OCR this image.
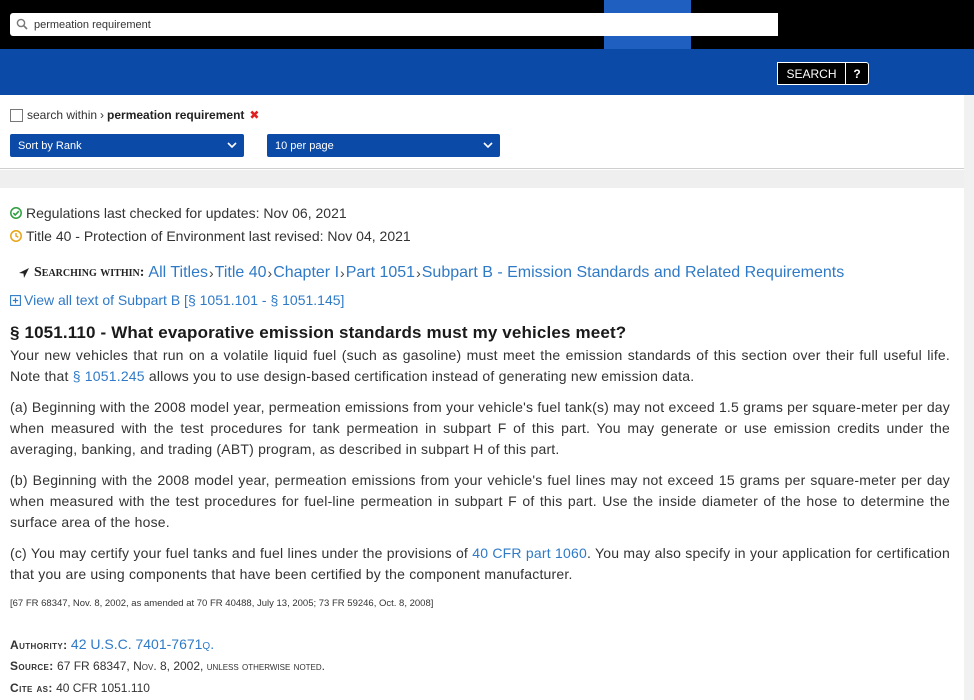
permeation requirement
SEARCH	?
search within › permeation requirement ✖
Sort by Rank	10 per page
Regulations last checked for updates: Nov 06, 2021
Title 40 - Protection of Environment last revised: Nov 04, 2021
Searching within: All Titles › Title 40 › Chapter I › Part 1051 › Subpart B - Emission Standards and Related Requirements
View all text of Subpart B [§ 1051.101 - § 1051.145]
§ 1051.110 - What evaporative emission standards must my vehicles meet?

Your new vehicles that run on a volatile liquid fuel (such as gasoline) must meet the emission standards of this section over their full useful life. Note that § 1051.245 allows you to use design-based certification instead of generating new emission data.

(a) Beginning with the 2008 model year, permeation emissions from your vehicle's fuel tank(s) may not exceed 1.5 grams per square-meter per day when measured with the test procedures for tank permeation in subpart F of this part. You may generate or use emission credits under the averaging, banking, and trading (ABT) program, as described in subpart H of this part.

(b) Beginning with the 2008 model year, permeation emissions from your vehicle's fuel lines may not exceed 15 grams per square-meter per day when measured with the test procedures for fuel-line permeation in subpart F of this part. Use the inside diameter of the hose to determine the surface area of the hose.

(c) You may certify your fuel tanks and fuel lines under the provisions of 40 CFR part 1060. You may also specify in your application for certification that you are using components that have been certified by the component manufacturer.

[67 FR 68347, Nov. 8, 2002, as amended at 70 FR 40488, July 13, 2005; 73 FR 59246, Oct. 8, 2008]
Authority: 42 U.S.C. 7401-7671q.
Source: 67 FR 68347, Nov. 8, 2002, unless otherwise noted.
Cite as: 40 CFR 1051.110
